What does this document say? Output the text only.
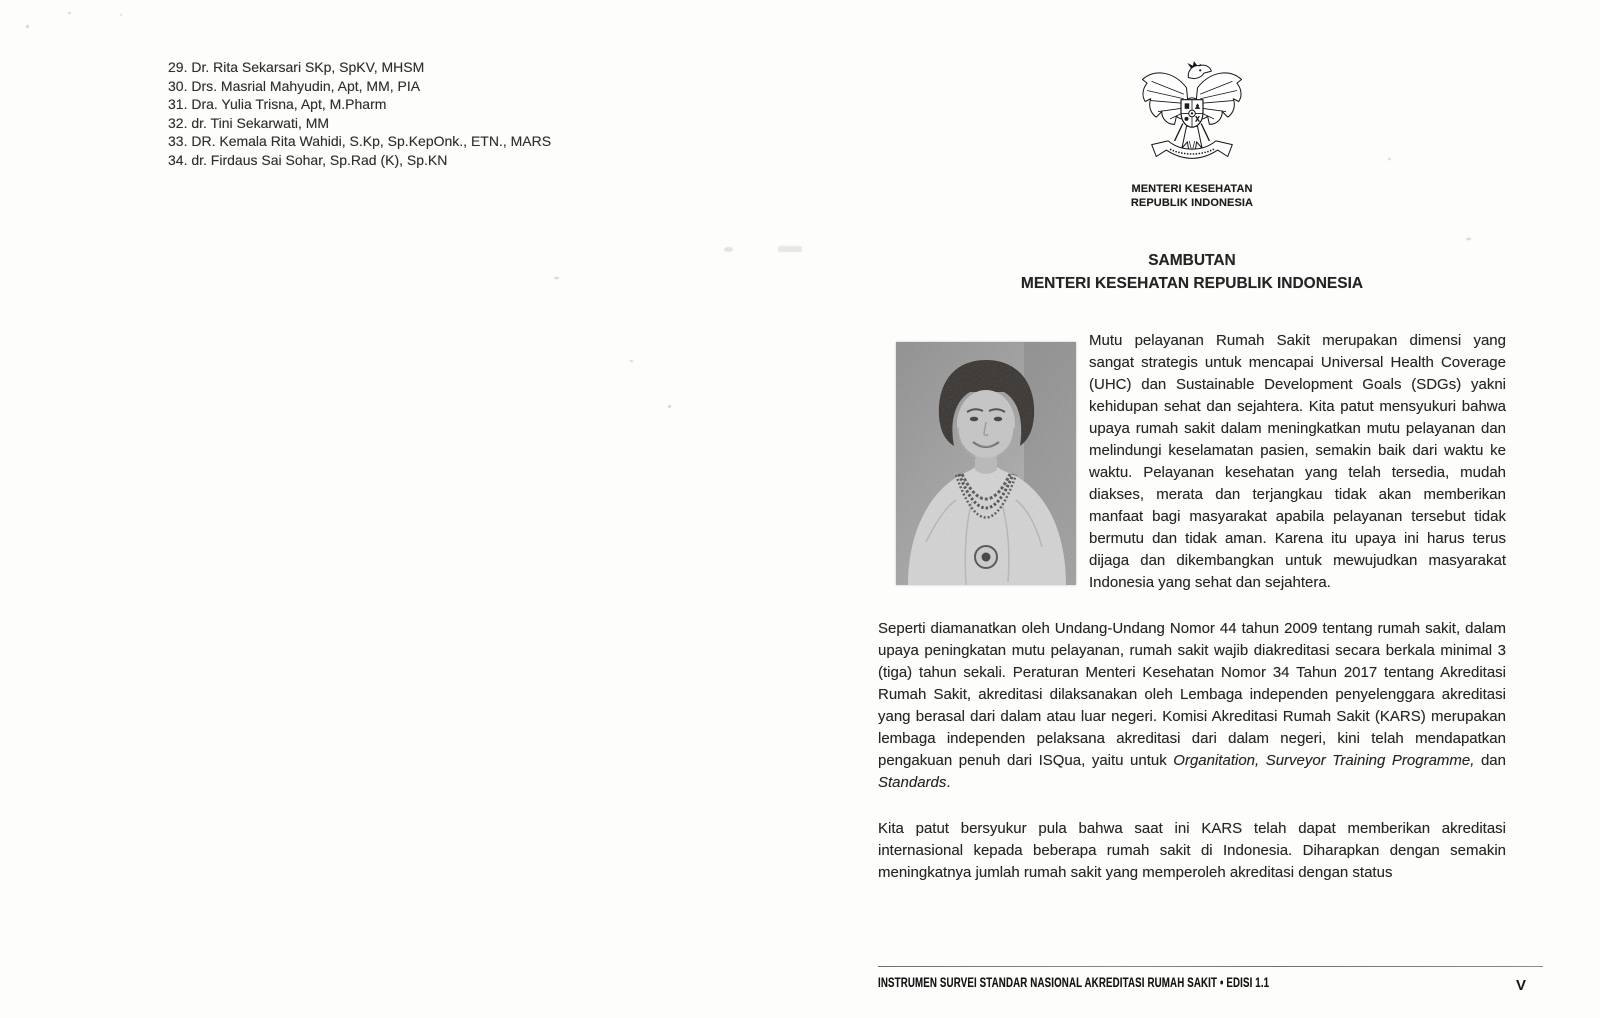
29. Dr. Rita Sekarsari SKp, SpKV, MHSM
30. Drs. Masrial Mahyudin, Apt, MM, PIA
31. Dra. Yulia Trisna, Apt, M.Pharm
32. dr. Tini Sekarwati, MM
33. DR. Kemala Rita Wahidi, S.Kp, Sp.KepOnk., ETN., MARS
34. dr. Firdaus Sai Sohar, Sp.Rad (K), Sp.KN
MENTERI KESEHATAN
REPUBLIK INDONESIA
SAMBUTAN
MENTERI KESEHATAN REPUBLIK INDONESIA

Mutu pelayanan Rumah Sakit merupakan dimensi yang sangat strategis untuk mencapai Universal Health Coverage (UHC) dan Sustainable Development Goals (SDGs) yakni kehidupan sehat dan sejahtera. Kita patut mensyukuri bahwa upaya rumah sakit dalam meningkatkan mutu pelayanan dan melindungi keselamatan pasien, semakin baik dari waktu ke waktu. Pelayanan kesehatan yang telah tersedia, mudah diakses, merata dan terjangkau tidak akan memberikan manfaat bagi masyarakat apabila pelayanan tersebut tidak bermutu dan tidak aman. Karena itu upaya ini harus terus dijaga dan dikembangkan untuk mewujudkan masyarakat Indonesia yang sehat dan sejahtera.

Seperti diamanatkan oleh Undang-Undang Nomor 44 tahun 2009 tentang rumah sakit, dalam upaya peningkatan mutu pelayanan, rumah sakit wajib diakreditasi secara berkala minimal 3 (tiga) tahun sekali. Peraturan Menteri Kesehatan Nomor 34 Tahun 2017 tentang Akreditasi Rumah Sakit, akreditasi dilaksanakan oleh Lembaga independen penyelenggara akreditasi yang berasal dari dalam atau luar negeri. Komisi Akreditasi Rumah Sakit (KARS) merupakan lembaga independen pelaksana akreditasi dari dalam negeri, kini telah mendapatkan pengakuan penuh dari ISQua, yaitu untuk Organitation, Surveyor Training Programme, dan Standards.

Kita patut bersyukur pula bahwa saat ini KARS telah dapat memberikan akreditasi internasional kepada beberapa rumah sakit di Indonesia. Diharapkan dengan semakin meningkatnya jumlah rumah sakit yang memperoleh akreditasi dengan status

INSTRUMEN SURVEI STANDAR NASIONAL AKREDITASI RUMAH SAKIT • EDISI 1.1	V
